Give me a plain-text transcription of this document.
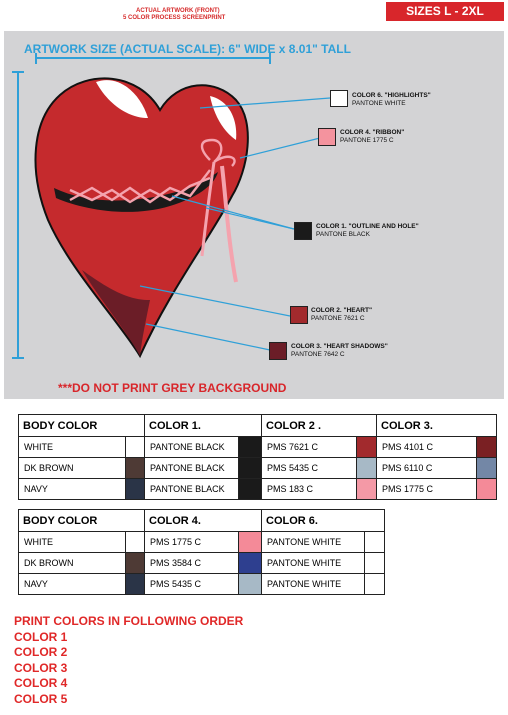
ACTUAL ARTWORK (FRONT)
5 COLOR PROCESS SCREENPRINT	SIZES L - 2XL
ARTWORK SIZE (ACTUAL SCALE): 6" WIDE x 8.01" TALL
COLOR 6. "HIGHLIGHTS"
PANTONE WHITE
COLOR 4. "RIBBON"
PANTONE 1775 C
COLOR 1. "OUTLINE AND HOLE"
PANTONE BLACK
COLOR 2. "HEART"
PANTONE 7621 C
COLOR 3. "HEART SHADOWS"
PANTONE 7642 C
***DO NOT PRINT GREY BACKGROUND
BODY COLOR		COLOR 1.		COLOR 2 .		COLOR 3.	
WHITE		PANTONE BLACK		PMS 7621 C		PMS 4101 C	
DK BROWN		PANTONE BLACK		PMS 5435 C		PMS 6110 C	
NAVY		PANTONE BLACK		PMS 183 C		PMS 1775 C	
BODY COLOR		COLOR 4.		COLOR 6.	
WHITE		PMS 1775 C		PANTONE WHITE	
DK BROWN		PMS 3584 C		PANTONE WHITE	
NAVY		PMS 5435 C		PANTONE WHITE	
PRINT COLORS IN FOLLOWING ORDER
COLOR 1
COLOR 2
COLOR 3
COLOR 4
COLOR 5
